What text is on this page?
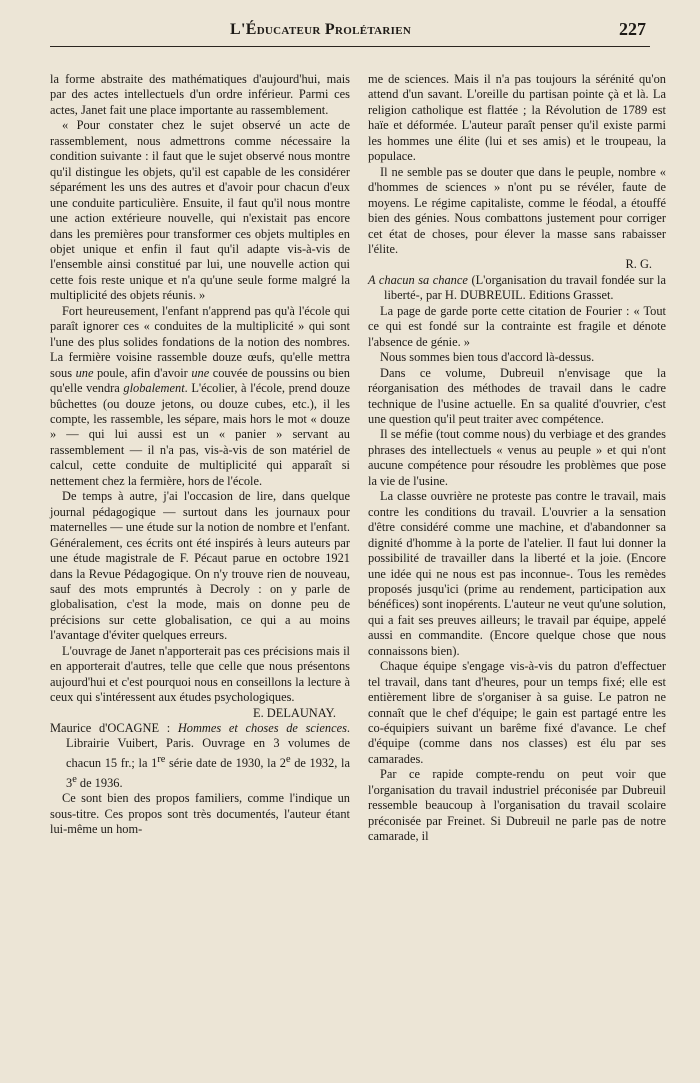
L'Éducateur Prolétarien	227

la forme abstraite des mathématiques d'aujourd'hui, mais par des actes intellectuels d'un ordre inférieur. Parmi ces actes, Janet fait une place importante au rassemblement.

« Pour constater chez le sujet observé un acte de rassemblement, nous admettrons comme nécessaire la condition suivante : il faut que le sujet observé nous montre qu'il distingue les objets, qu'il est capable de les considérer séparément les uns des autres et d'avoir pour chacun d'eux une conduite particulière. Ensuite, il faut qu'il nous montre une action extérieure nouvelle, qui n'existait pas encore dans les premières pour transformer ces objets multiples en objet unique et enfin il faut qu'il adapte vis-à-vis de l'ensemble ainsi constitué par lui, une nouvelle action qui cette fois reste unique et n'a qu'une seule forme malgré la multiplicité des objets réunis. »

Fort heureusement, l'enfant n'apprend pas qu'à l'école qui paraît ignorer ces « conduites de la multiplicité » qui sont l'une des plus solides fondations de la notion des nombres. La fermière voisine rassemble douze œufs, qu'elle mettra sous une poule, afin d'avoir une couvée de poussins ou bien qu'elle vendra globalement. L'écolier, à l'école, prend douze bûchettes (ou douze jetons, ou douze cubes, etc.), il les compte, les rassemble, les sépare, mais hors le mot « douze » — qui lui aussi est un « panier » servant au rassemblement — il n'a pas, vis-à-vis de son matériel de calcul, cette conduite de multiplicité qui apparaît si nettement chez la fermière, hors de l'école.

De temps à autre, j'ai l'occasion de lire, dans quelque journal pédagogique — surtout dans les journaux pour maternelles — une étude sur la notion de nombre et l'enfant. Généralement, ces écrits ont été inspirés à leurs auteurs par une étude magistrale de F. Pécaut parue en octobre 1921 dans la Revue Pédagogique. On n'y trouve rien de nouveau, sauf des mots empruntés à Decroly : on y parle de globalisation, c'est la mode, mais on donne peu de précisions sur cette globalisation, ce qui a au moins l'avantage d'éviter quelques erreurs.

L'ouvrage de Janet n'apporterait pas ces précisions mais il en apporterait d'autres, telle que celle que nous présentons aujourd'hui et c'est pourquoi nous en conseillons la lecture à ceux qui s'intéressent aux études psychologiques.

E. DELAUNAY.

Maurice d'OCAGNE : Hommes et choses de sciences. Librairie Vuibert, Paris. Ouvrage en 3 volumes de chacun 15 fr.; la 1re série date de 1930, la 2e de 1932, la 3e de 1936.

Ce sont bien des propos familiers, comme l'indique un sous-titre. Ces propos sont très documentés, l'auteur étant lui-même un hom-

me de sciences. Mais il n'a pas toujours la sérénité qu'on attend d'un savant. L'oreille du partisan pointe çà et là. La religion catholique est flattée ; la Révolution de 1789 est haïe et déformée. L'auteur paraît penser qu'il existe parmi les hommes une élite (lui et ses amis) et le troupeau, la populace.

Il ne semble pas se douter que dans le peuple, nombre « d'hommes de sciences » n'ont pu se révéler, faute de moyens. Le régime capitaliste, comme le féodal, a étouffé bien des génies. Nous combattons justement pour corriger cet état de choses, pour élever la masse sans rabaisser l'élite.

R. G.

A chacun sa chance (L'organisation du travail fondée sur la liberté-, par H. DUBREUIL. Editions Grasset.

La page de garde porte cette citation de Fourier : « Tout ce qui est fondé sur la contrainte est fragile et dénote l'absence de génie. »

Nous sommes bien tous d'accord là-dessus.

Dans ce volume, Dubreuil n'envisage que la réorganisation des méthodes de travail dans le cadre technique de l'usine actuelle. En sa qualité d'ouvrier, c'est une question qu'il peut traiter avec compétence.

Il se méfie (tout comme nous) du verbiage et des grandes phrases des intellectuels « venus au peuple » et qui n'ont aucune compétence pour résoudre les problèmes que pose la vie de l'usine.

La classe ouvrière ne proteste pas contre le travail, mais contre les conditions du travail. L'ouvrier a la sensation d'être considéré comme une machine, et d'abandonner sa dignité d'homme à la porte de l'atelier. Il faut lui donner la possibilité de travailler dans la liberté et la joie. (Encore une idée qui ne nous est pas inconnue-. Tous les remèdes proposés jusqu'ici (prime au rendement, participation aux bénéfices) sont inopérents. L'auteur ne veut qu'une solution, qui a fait ses preuves ailleurs; le travail par équipe, appelé aussi en commandite. (Encore quelque chose que nous connaissons bien).

Chaque équipe s'engage vis-à-vis du patron d'effectuer tel travail, dans tant d'heures, pour un temps fixé; elle est entièrement libre de s'organiser à sa guise. Le patron ne connaît que le chef d'équipe; le gain est partagé entre les co-équipiers suivant un barême fixé d'avance. Le chef d'équipe (comme dans nos classes) est élu par ses camarades.

Par ce rapide compte-rendu on peut voir que l'organisation du travail industriel préconisée par Dubreuil ressemble beaucoup à l'organisation du travail scolaire préconisée par Freinet. Si Dubreuil ne parle pas de notre camarade, il
